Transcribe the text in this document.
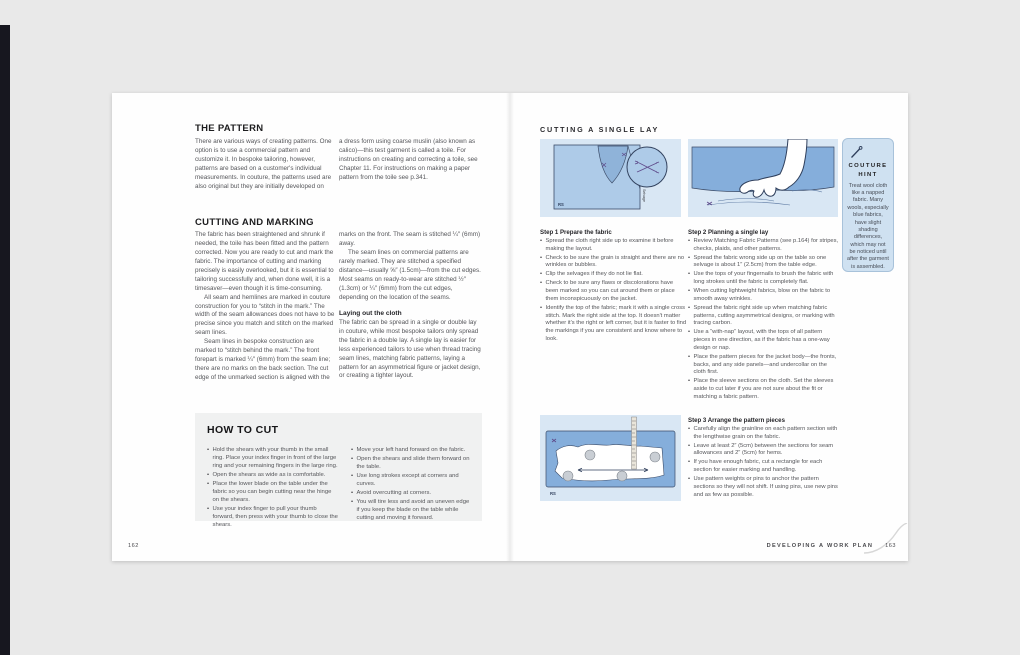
THE PATTERN
There are various ways of creating patterns. One option is to use a commercial pattern and customize it. In bespoke tailoring, however, patterns are based on a customer's individual measurements. In couture, the patterns used are also original but they are initially developed on
a dress form using coarse muslin (also known as calico)—this test garment is called a toile. For instructions on creating and correcting a toile, see Chapter 11. For instructions on making a paper pattern from the toile see p.341.
CUTTING AND MARKING

The fabric has been straightened and shrunk if needed, the toile has been fitted and the pattern corrected. Now you are ready to cut and mark the fabric. The importance of cutting and marking precisely is easily overlooked, but it is essential to tailoring successfully and, when done well, it is a timesaver—even though it is time-consuming.

All seam and hemlines are marked in couture construction for you to “stitch in the mark.” The width of the seam allowances does not have to be precise since you match and stitch on the marked seam lines.

Seam lines in bespoke construction are marked to “stitch behind the mark.” The front forepart is marked ¼″ (6mm) from the seam line; there are no marks on the back section. The cut edge of the unmarked section is aligned with the

marks on the front. The seam is stitched ¼″ (6mm) away.

The seam lines on commercial patterns are rarely marked. They are stitched a specified distance—usually ⅝″ (1.5cm)—from the cut edges. Most seams on ready-to-wear are stitched ½″ (1.3cm) or ¼″ (6mm) from the cut edges, depending on the location of the seams.

Laying out the cloth

The fabric can be spread in a single or double lay in couture, while most bespoke tailors only spread the fabric in a double lay. A single lay is easier for less experienced tailors to use when thread tracing seam lines, matching fabric patterns, laying a pattern for an asymmetrical figure or jacket design, or creating a tighter layout.

HOW TO CUT
• Hold the shears with your thumb in the small ring. Place your index finger in front of the large ring and your remaining fingers in the large ring.
• Open the shears as wide as is comfortable.
• Place the lower blade on the table under the fabric so you can begin cutting near the hinge on the shears.
• Use your index finger to pull your thumb forward, then press with your thumb to close the shears.
• Move your left hand forward on the fabric.
• Open the shears and slide them forward on the table.
• Use long strokes except at corners and curves.
• Avoid overcutting at corners.
• You will tire less and avoid an uneven edge if you keep the blade on the table while cutting and moving it forward.
162
CUTTING A SINGLE LAY
Selvage
RS
COUTURE HINT
Treat wool cloth like a napped fabric. Many wools, especially blue fabrics, have slight shading differences, which may not be noticed until after the garment is assembled.
Step 1 Prepare the fabric
• Spread the cloth right side up to examine it before making the layout.
• Check to be sure the grain is straight and there are no wrinkles or bubbles.
• Clip the selvages if they do not lie flat.
• Check to be sure any flaws or discolorations have been marked so you can cut around them or place them inconspicuously on the jacket.
• Identify the top of the fabric; mark it with a single cross stitch. Mark the right side at the top. It doesn't matter whether it's the right or left corner, but it is faster to find the markings if you are consistent and know where to look.
Step 2 Planning a single lay
• Review Matching Fabric Patterns (see p.164) for stripes, checks, plaids, and other patterns.
• Spread the fabric wrong side up on the table so one selvage is about 1″ (2.5cm) from the table edge.
• Use the tops of your fingernails to brush the fabric with long strokes until the fabric is completely flat.
• When cutting lightweight fabrics, blow on the fabric to smooth away wrinkles.
• Spread the fabric right side up when matching fabric patterns, cutting asymmetrical designs, or marking with tracing carbon.
• Use a “with-nap” layout, with the tops of all pattern pieces in one direction, as if the fabric has a one-way design or nap.
• Place the pattern pieces for the jacket body—the fronts, backs, and any side panels—and undercollar on the cloth first.
• Place the sleeve sections on the cloth. Set the sleeves aside to cut later if you are not sure about the fit or matching a fabric pattern.
RS
Step 3 Arrange the pattern pieces
• Carefully align the grainline on each pattern section with the lengthwise grain on the fabric.
• Leave at least 2″ (5cm) between the sections for seam allowances and 2″ (5cm) for hems.
• If you have enough fabric, cut a rectangle for each section for easier marking and handling.
• Use pattern weights or pins to anchor the pattern sections so they will not shift. If using pins, use new pins and as few as possible.
DEVELOPING A WORK PLAN 163
